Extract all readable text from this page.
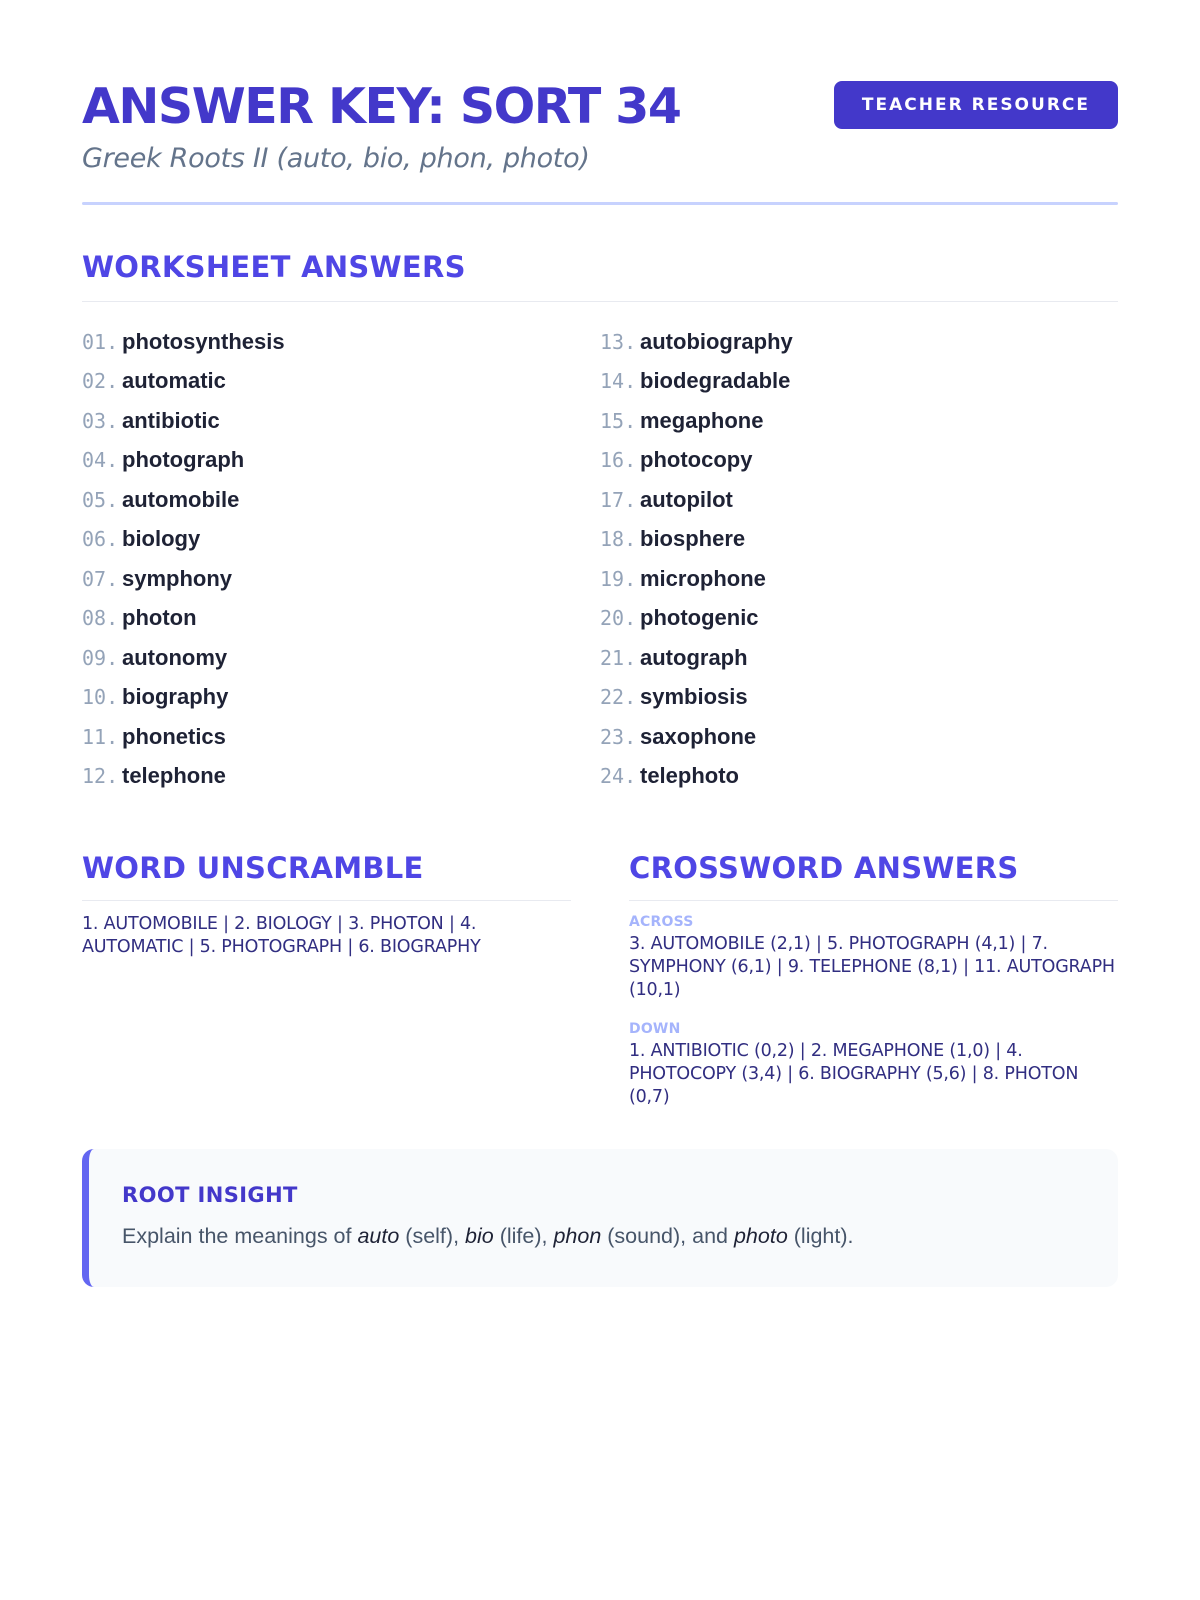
ANSWER KEY: SORT 34
Greek Roots II (auto, bio, phon, photo)
TEACHER RESOURCE
WORKSHEET ANSWERS
01. photosynthesis
02. automatic
03. antibiotic
04. photograph
05. automobile
06. biology
07. symphony
08. photon
09. autonomy
10. biography
11. phonetics
12. telephone
13. autobiography
14. biodegradable
15. megaphone
16. photocopy
17. autopilot
18. biosphere
19. microphone
20. photogenic
21. autograph
22. symbiosis
23. saxophone
24. telephoto
WORD UNSCRAMBLE
1. AUTOMOBILE | 2. BIOLOGY | 3. PHOTON | 4. AUTOMATIC | 5. PHOTOGRAPH | 6. BIOGRAPHY
CROSSWORD ANSWERS
ACROSS
3. AUTOMOBILE (2,1) | 5. PHOTOGRAPH (4,1) | 7. SYMPHONY (6,1) | 9. TELEPHONE (8,1) | 11. AUTOGRAPH (10,1)
DOWN
1. ANTIBIOTIC (0,2) | 2. MEGAPHONE (1,0) | 4. PHOTOCOPY (3,4) | 6. BIOGRAPHY (5,6) | 8. PHOTON (0,7)
ROOT INSIGHT

Explain the meanings of auto (self), bio (life), phon (sound), and photo (light).
